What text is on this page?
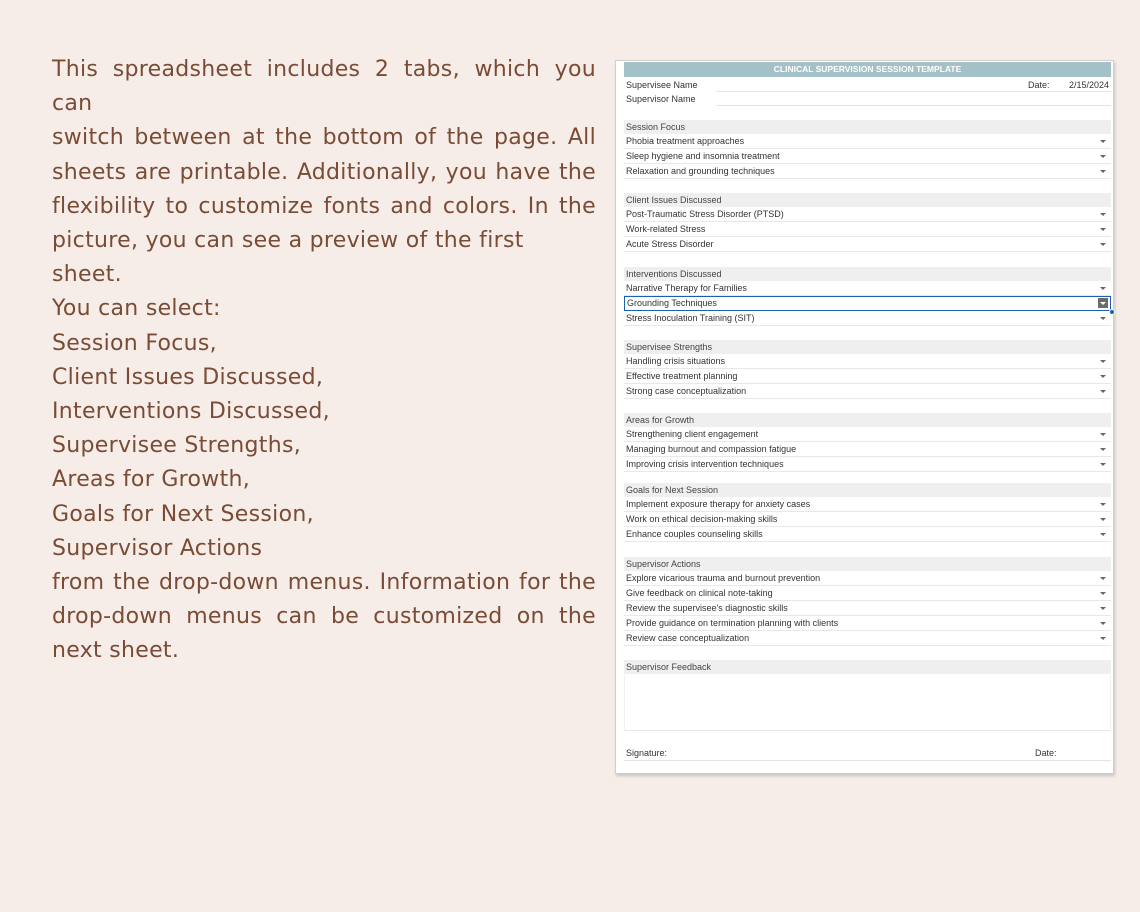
This spreadsheet includes 2 tabs, which you can
switch between at the bottom of the page. All
sheets are printable. Additionally, you have the
flexibility to customize fonts and colors. In the
picture, you can see a preview of the first sheet.
You can select:
Session Focus,
Client Issues Discussed,
Interventions Discussed,
Supervisee Strengths,
Areas for Growth,
Goals for Next Session,
Supervisor Actions
from the drop-down menus. Information for the
drop-down menus can be customized on the
next sheet.
CLINICAL SUPERVISION SESSION TEMPLATE
Supervisee Name	Date: 2/15/2024
Supervisor Name
Session Focus
Phobia treatment approaches
Sleep hygiene and insomnia treatment
Relaxation and grounding techniques
Client Issues Discussed
Post-Traumatic Stress Disorder (PTSD)
Work-related Stress
Acute Stress Disorder
Interventions Discussed
Narrative Therapy for Families
Grounding Techniques
Stress Inoculation Training (SIT)
Supervisee Strengths
Handling crisis situations
Effective treatment planning
Strong case conceptualization
Areas for Growth
Strengthening client engagement
Managing burnout and compassion fatigue
Improving crisis intervention techniques
Goals for Next Session
Implement exposure therapy for anxiety cases
Work on ethical decision-making skills
Enhance couples counseling skills
Supervisor Actions
Explore vicarious trauma and burnout prevention
Give feedback on clinical note-taking
Review the supervisee's diagnostic skills
Provide guidance on termination planning with clients
Review case conceptualization
Supervisor Feedback
Signature:	Date:
